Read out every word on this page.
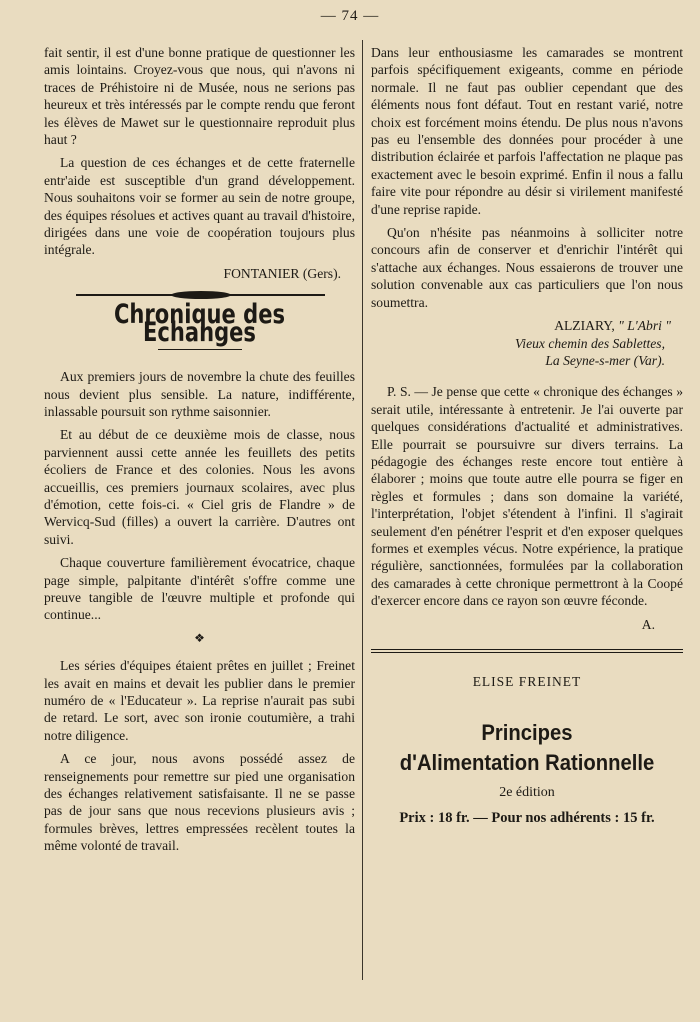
— 74 —

fait sentir, il est d'une bonne pratique de questionner les amis lointains. Croyez-vous que nous, qui n'avons ni traces de Préhistoire ni de Musée, nous ne serions pas heureux et très intéressés par le compte rendu que feront les élèves de Mawet sur le questionnaire reproduit plus haut ?

La question de ces échanges et de cette fraternelle entr'aide est susceptible d'un grand développement. Nous souhaitons voir se former au sein de notre groupe, des équipes résolues et actives quant au travail d'histoire, dirigées dans une voie de coopération toujours plus intégrale.

FONTANIER (Gers).

Chronique des Echanges

Aux premiers jours de novembre la chute des feuilles nous devient plus sensible. La nature, indifférente, inlassable poursuit son rythme saisonnier.

Et au début de ce deuxième mois de classe, nous parviennent aussi cette année les feuillets des petits écoliers de France et des colonies. Nous les avons accueillis, ces premiers journaux scolaires, avec plus d'émotion, cette fois-ci. « Ciel gris de Flandre » de Wervicq-Sud (filles) a ouvert la carrière. D'autres ont suivi.

Chaque couverture familièrement évocatrice, chaque page simple, palpitante d'intérêt s'offre comme une preuve tangible de l'œuvre multiple et profonde qui continue...

❖

Les séries d'équipes étaient prêtes en juillet ; Freinet les avait en mains et devait les publier dans le premier numéro de « l'Educateur ». La reprise n'aurait pas subi de retard. Le sort, avec son ironie coutumière, a trahi notre diligence.

A ce jour, nous avons possédé assez de renseignements pour remettre sur pied une organisation des échanges relativement satisfaisante. Il ne se passe pas de jour sans que nous recevions plusieurs avis ; formules brèves, lettres empressées recèlent toutes la même volonté de travail.

Dans leur enthousiasme les camarades se montrent parfois spécifiquement exigeants, comme en période normale. Il ne faut pas oublier cependant que des éléments nous font défaut. Tout en restant varié, notre choix est forcément moins étendu. De plus nous n'avons pas eu l'ensemble des données pour procéder à une distribution éclairée et parfois l'affectation ne plaque pas exactement avec le besoin exprimé. Enfin il nous a fallu faire vite pour répondre au désir si virilement manifesté d'une reprise rapide.

Qu'on n'hésite pas néanmoins à solliciter notre concours afin de conserver et d'enrichir l'intérêt qui s'attache aux échanges. Nous essaierons de trouver une solution convenable aux cas particuliers que l'on nous soumettra.

ALZIARY, " L'Abri "
Vieux chemin des Sablettes,
La Seyne-s-mer (Var).

P. S. — Je pense que cette « chronique des échanges » serait utile, intéressante à entretenir. Je l'ai ouverte par quelques considérations d'actualité et administratives. Elle pourrait se poursuivre sur divers terrains. La pédagogie des échanges reste encore tout entière à élaborer ; moins que toute autre elle pourra se figer en règles et formules ; dans son domaine la variété, l'interprétation, l'objet s'étendent à l'infini. Il s'agirait seulement d'en pénétrer l'esprit et d'en exposer quelques formes et exemples vécus. Notre expérience, la pratique régulière, sanctionnées, formulées par la collaboration des camarades à cette chronique permettront à la Coopé d'exercer encore dans ce rayon son œuvre féconde.

A.
ELISE FREINET
Principes
d'Alimentation Rationnelle
2e édition
Prix : 18 fr. — Pour nos adhérents : 15 fr.
